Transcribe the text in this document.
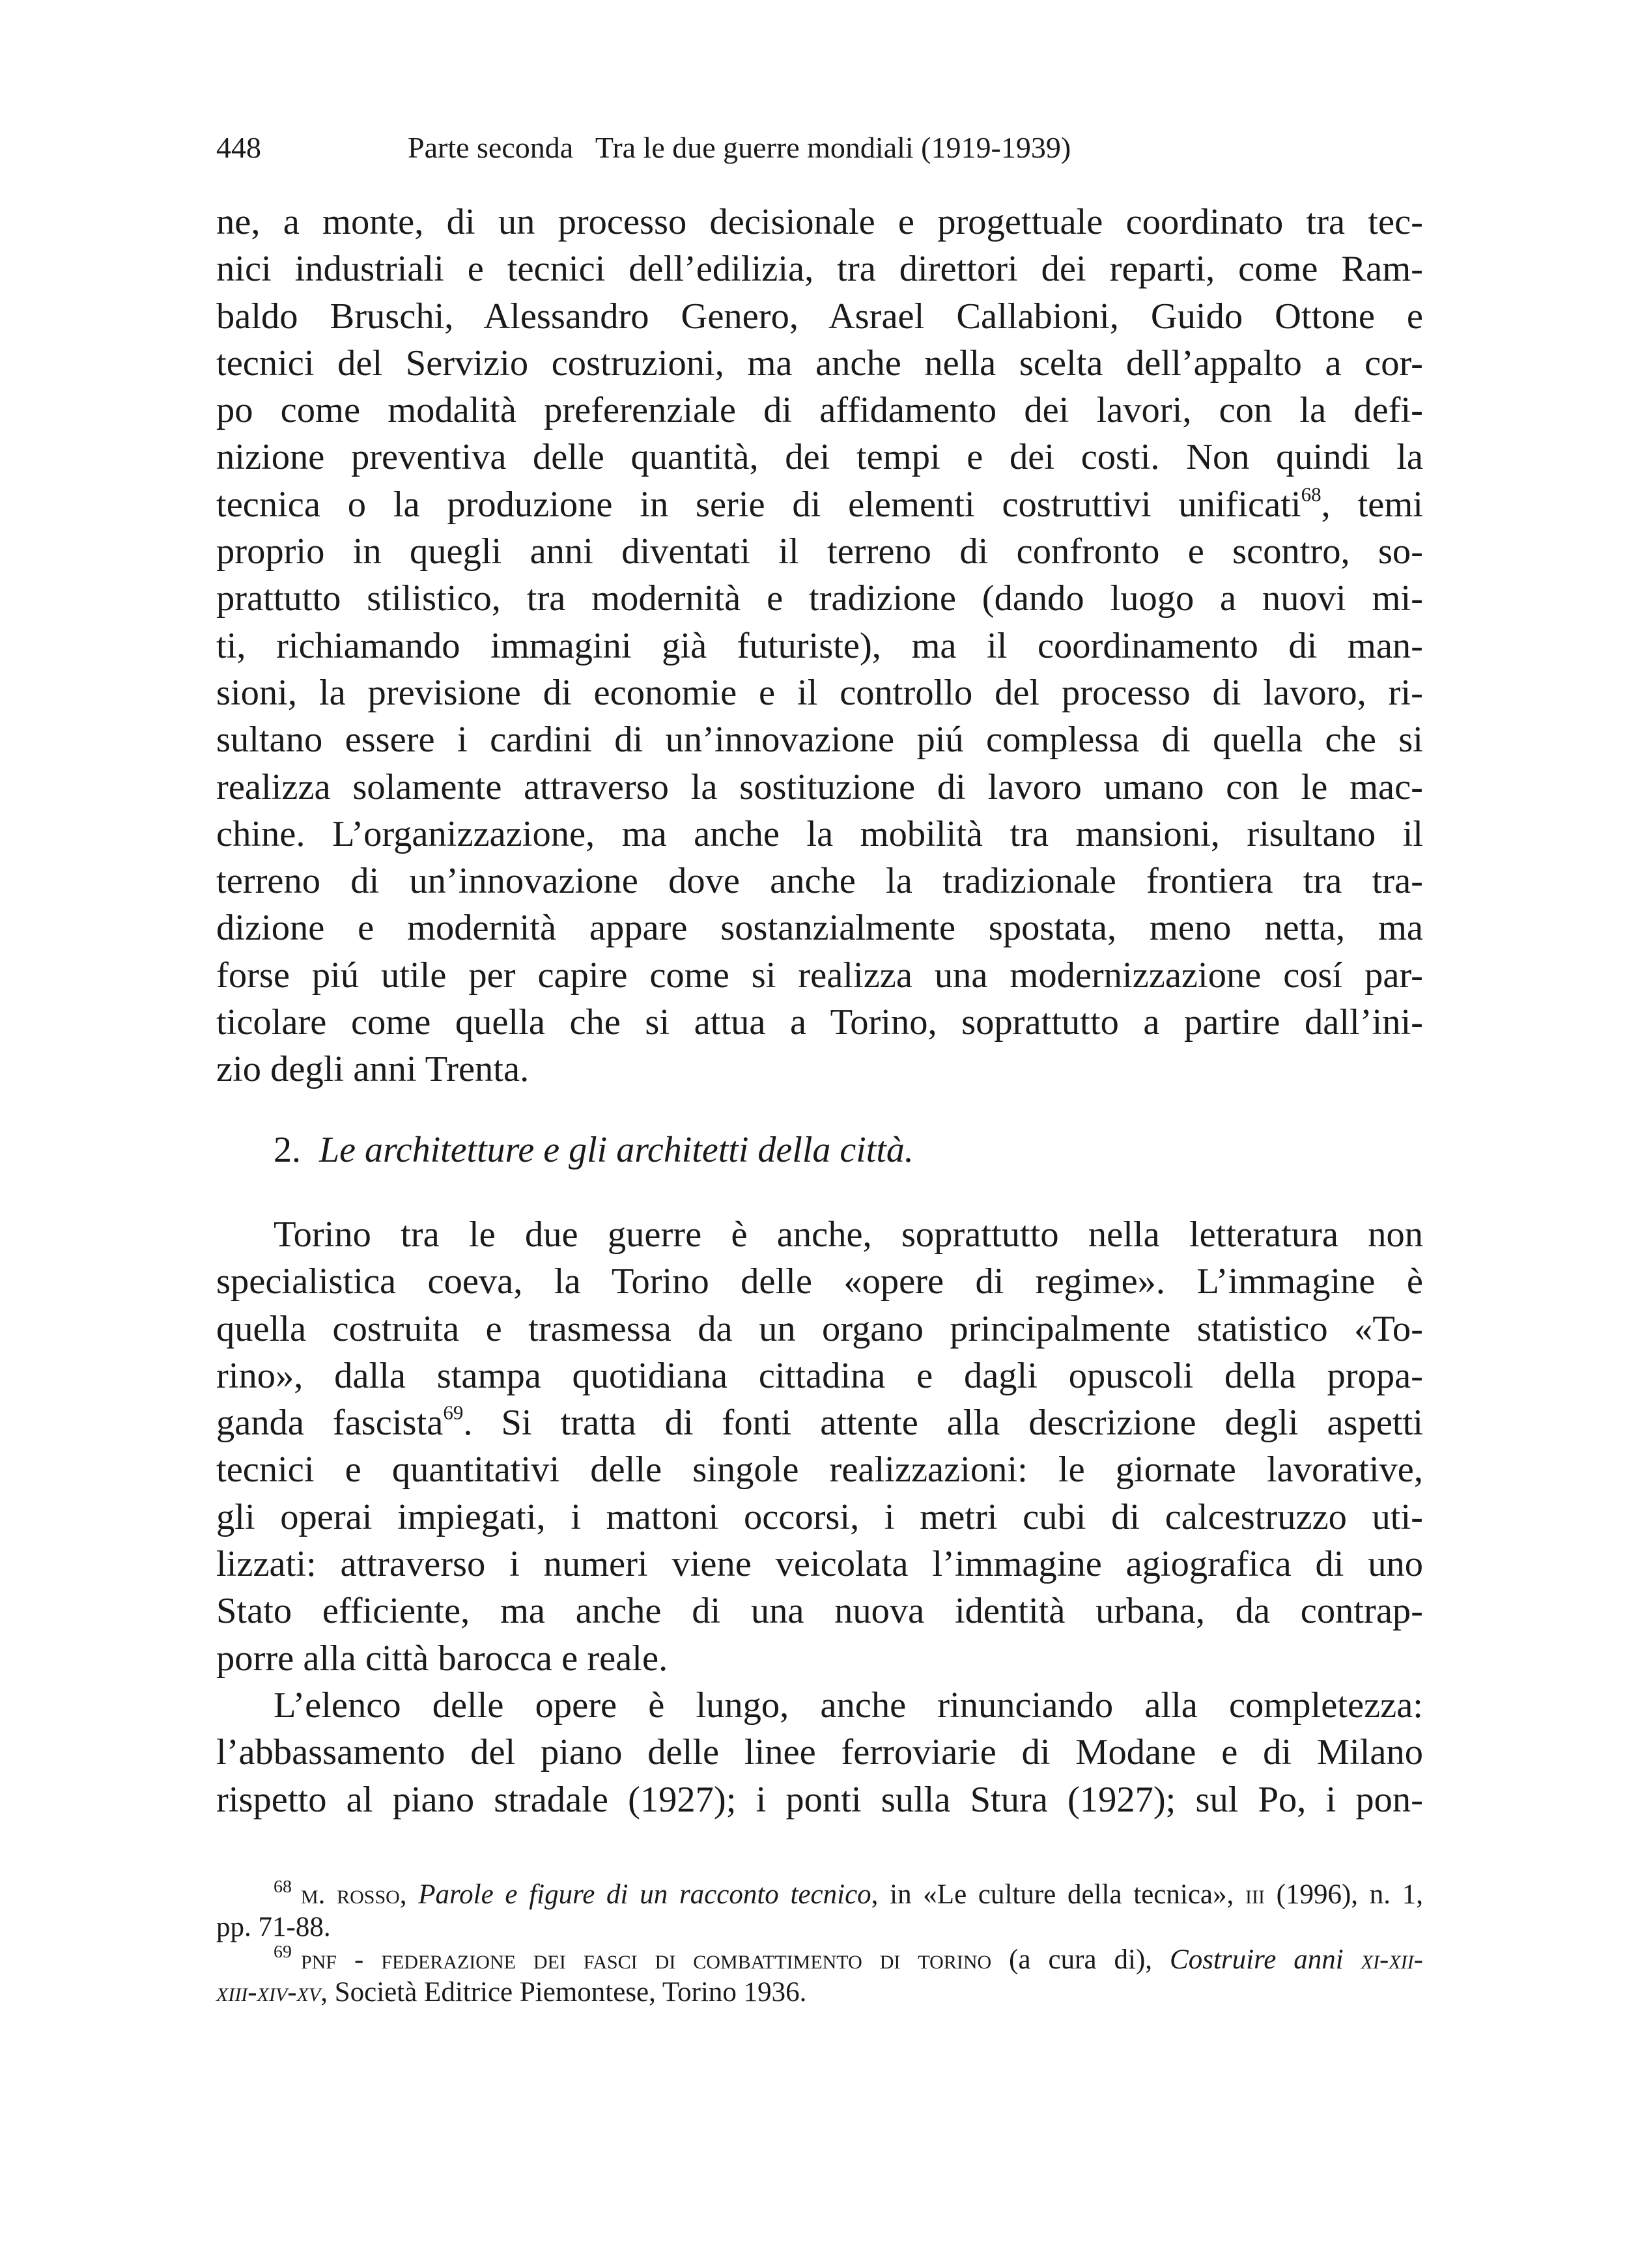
448	Parte seconda   Tra le due guerre mondiali (1919-1939)
ne, a monte, di un processo decisionale e progettuale coordinato tra tec-
nici industriali e tecnici dell’edilizia, tra direttori dei reparti, come Ram-
baldo Bruschi, Alessandro Genero, Asrael Callabioni, Guido Ottone e
tecnici del Servizio costruzioni, ma anche nella scelta dell’appalto a cor-
po come modalità preferenziale di affidamento dei lavori, con la defi-
nizione preventiva delle quantità, dei tempi e dei costi. Non quindi la
tecnica o la produzione in serie di elementi costruttivi unificati$^{68}$, temi
proprio in quegli anni diventati il terreno di confronto e scontro, so-
prattutto stilistico, tra modernità e tradizione (dando luogo a nuovi mi-
ti, richiamando immagini già futuriste), ma il coordinamento di man-
sioni, la previsione di economie e il controllo del processo di lavoro, ri-
sultano essere i cardini di un’innovazione piú complessa di quella che si
realizza solamente attraverso la sostituzione di lavoro umano con le mac-
chine. L’organizzazione, ma anche la mobilità tra mansioni, risultano il
terreno di un’innovazione dove anche la tradizionale frontiera tra tra-
dizione e modernità appare sostanzialmente spostata, meno netta, ma
forse piú utile per capire come si realizza una modernizzazione cosí par-
ticolare come quella che si attua a Torino, soprattutto a partire dall’ini-
zio degli anni Trenta.
2. Le architetture e gli architetti della città.
Torino tra le due guerre è anche, soprattutto nella letteratura non
specialistica coeva, la Torino delle «opere di regime». L’immagine è
quella costruita e trasmessa da un organo principalmente statistico «To-
rino», dalla stampa quotidiana cittadina e dagli opuscoli della propa-
ganda fascista$^{69}$. Si tratta di fonti attente alla descrizione degli aspetti
tecnici e quantitativi delle singole realizzazioni: le giornate lavorative,
gli operai impiegati, i mattoni occorsi, i metri cubi di calcestruzzo uti-
lizzati: attraverso i numeri viene veicolata l’immagine agiografica di uno
Stato efficiente, ma anche di una nuova identità urbana, da contrap-
porre alla città barocca e reale.
L’elenco delle opere è lungo, anche rinunciando alla completezza:
l’abbassamento del piano delle linee ferroviarie di Modane e di Milano
rispetto al piano stradale (1927); i ponti sulla Stura (1927); sul Po, i pon-
$^{68}$ m. rosso, Parole e figure di un racconto tecnico, in «Le culture della tecnica», iii (1996), n. 1,
pp. 71-88.
$^{69}$ pnf - federazione dei fasci di combattimento di torino (a cura di), Costruire anni xi-xii-
xiii-xiv-xv, Società Editrice Piemontese, Torino 1936.
